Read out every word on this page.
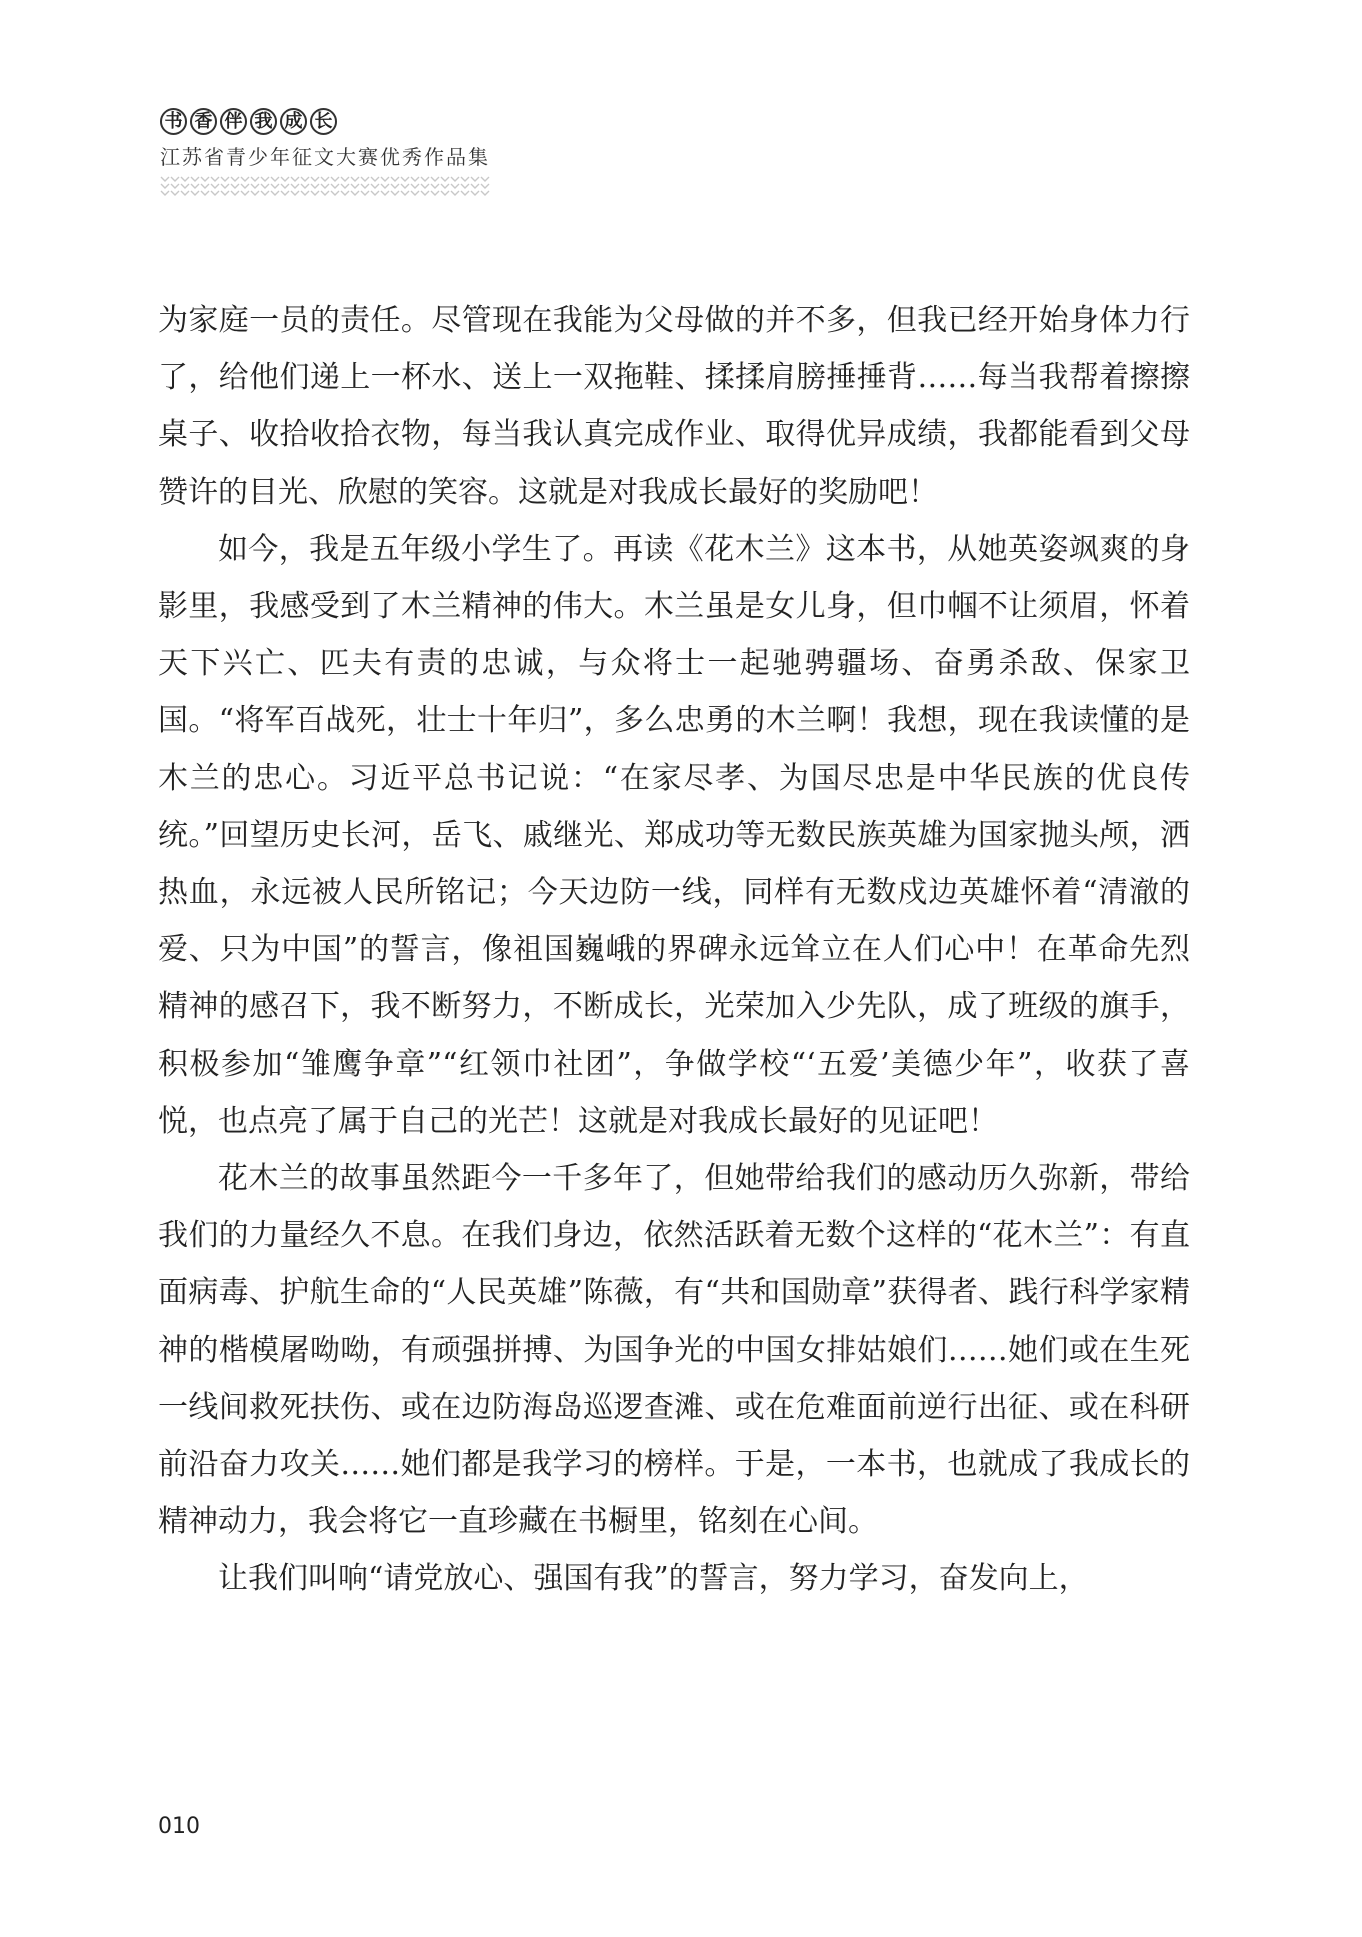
书 香 伴 我 成 长
江苏省青少年征文大赛优秀作品集

为家庭一员的责任。尽管现在我能为父母做的并不多，但我已经开始身体力行了，给他们递上一杯水、送上一双拖鞋、揉揉肩膀捶捶背……每当我帮着擦擦桌子、收拾收拾衣物，每当我认真完成作业、取得优异成绩，我都能看到父母赞许的目光、欣慰的笑容。这就是对我成长最好的奖励吧！

如今，我是五年级小学生了。再读《花木兰》这本书，从她英姿飒爽的身影里，我感受到了木兰精神的伟大。木兰虽是女儿身，但巾帼不让须眉，怀着天下兴亡、匹夫有责的忠诚，与众将士一起驰骋疆场、奋勇杀敌、保家卫国。“将军百战死，壮士十年归”，多么忠勇的木兰啊！我想，现在我读懂的是木兰的忠心。习近平总书记说：“在家尽孝、为国尽忠是中华民族的优良传统。”回望历史长河，岳飞、戚继光、郑成功等无数民族英雄为国家抛头颅，洒热血，永远被人民所铭记；今天边防一线，同样有无数戍边英雄怀着“清澈的爱、只为中国”的誓言，像祖国巍峨的界碑永远耸立在人们心中！在革命先烈精神的感召下，我不断努力，不断成长，光荣加入少先队，成了班级的旗手，积极参加“雏鹰争章”“红领巾社团”，争做学校“‘五爱’美德少年”，收获了喜悦，也点亮了属于自己的光芒！这就是对我成长最好的见证吧！

花木兰的故事虽然距今一千多年了，但她带给我们的感动历久弥新，带给我们的力量经久不息。在我们身边，依然活跃着无数个这样的“花木兰”：有直面病毒、护航生命的“人民英雄”陈薇，有“共和国勋章”获得者、践行科学家精神的楷模屠呦呦，有顽强拼搏、为国争光的中国女排姑娘们……她们或在生死一线间救死扶伤、或在边防海岛巡逻查滩、或在危难面前逆行出征、或在科研前沿奋力攻关……她们都是我学习的榜样。于是，一本书，也就成了我成长的精神动力，我会将它一直珍藏在书橱里，铭刻在心间。

让我们叫响“请党放心、强国有我”的誓言，努力学习，奋发向上，

010
